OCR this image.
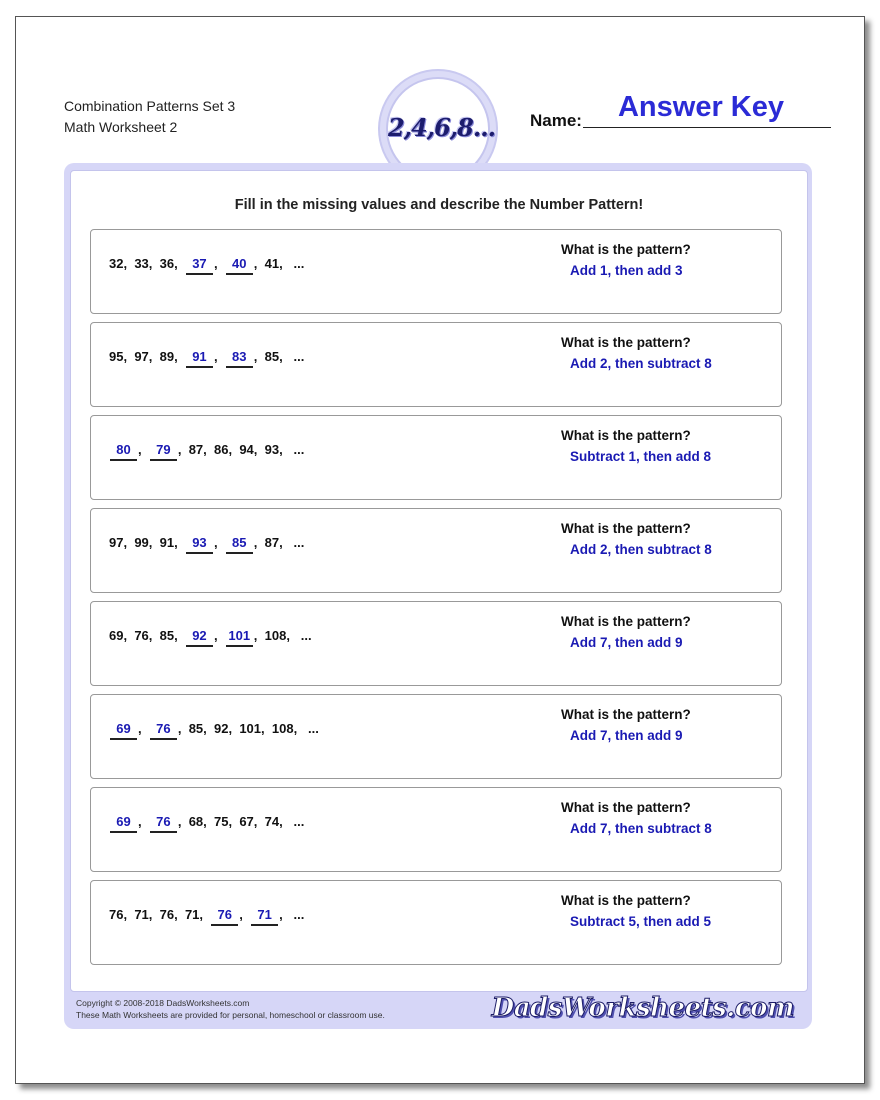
Combination Patterns Set 3
Math Worksheet 2	2,4,6,8... Name:	Answer Key
Fill in the missing values and describe the Number Pattern!
32,  33,  36,  37 ,  40 ,  41,   ...
What is the pattern?
Add 1, then add 3
95,  97,  89,  91 ,  83 ,  85,   ...
What is the pattern?
Add 2, then subtract 8
80 ,  79 ,  87,  86,  94,  93,   ...
What is the pattern?
Subtract 1, then add 8
97,  99,  91,  93 ,  85 ,  87,   ...
What is the pattern?
Add 2, then subtract 8
69,  76,  85,  92 ,  101 ,  108,   ...
What is the pattern?
Add 7, then add 9
69 ,  76 ,  85,  92,  101,  108,   ...
What is the pattern?
Add 7, then add 9
69 ,  76 ,  68,  75,  67,  74,   ...
What is the pattern?
Add 7, then subtract 8
76,  71,  76,  71,  76 ,  71 ,   ...
What is the pattern?
Subtract 5, then add 5
Copyright © 2008-2018 DadsWorksheets.com
These Math Worksheets are provided for personal, homeschool or classroom use.	DadsWorksheets.com
